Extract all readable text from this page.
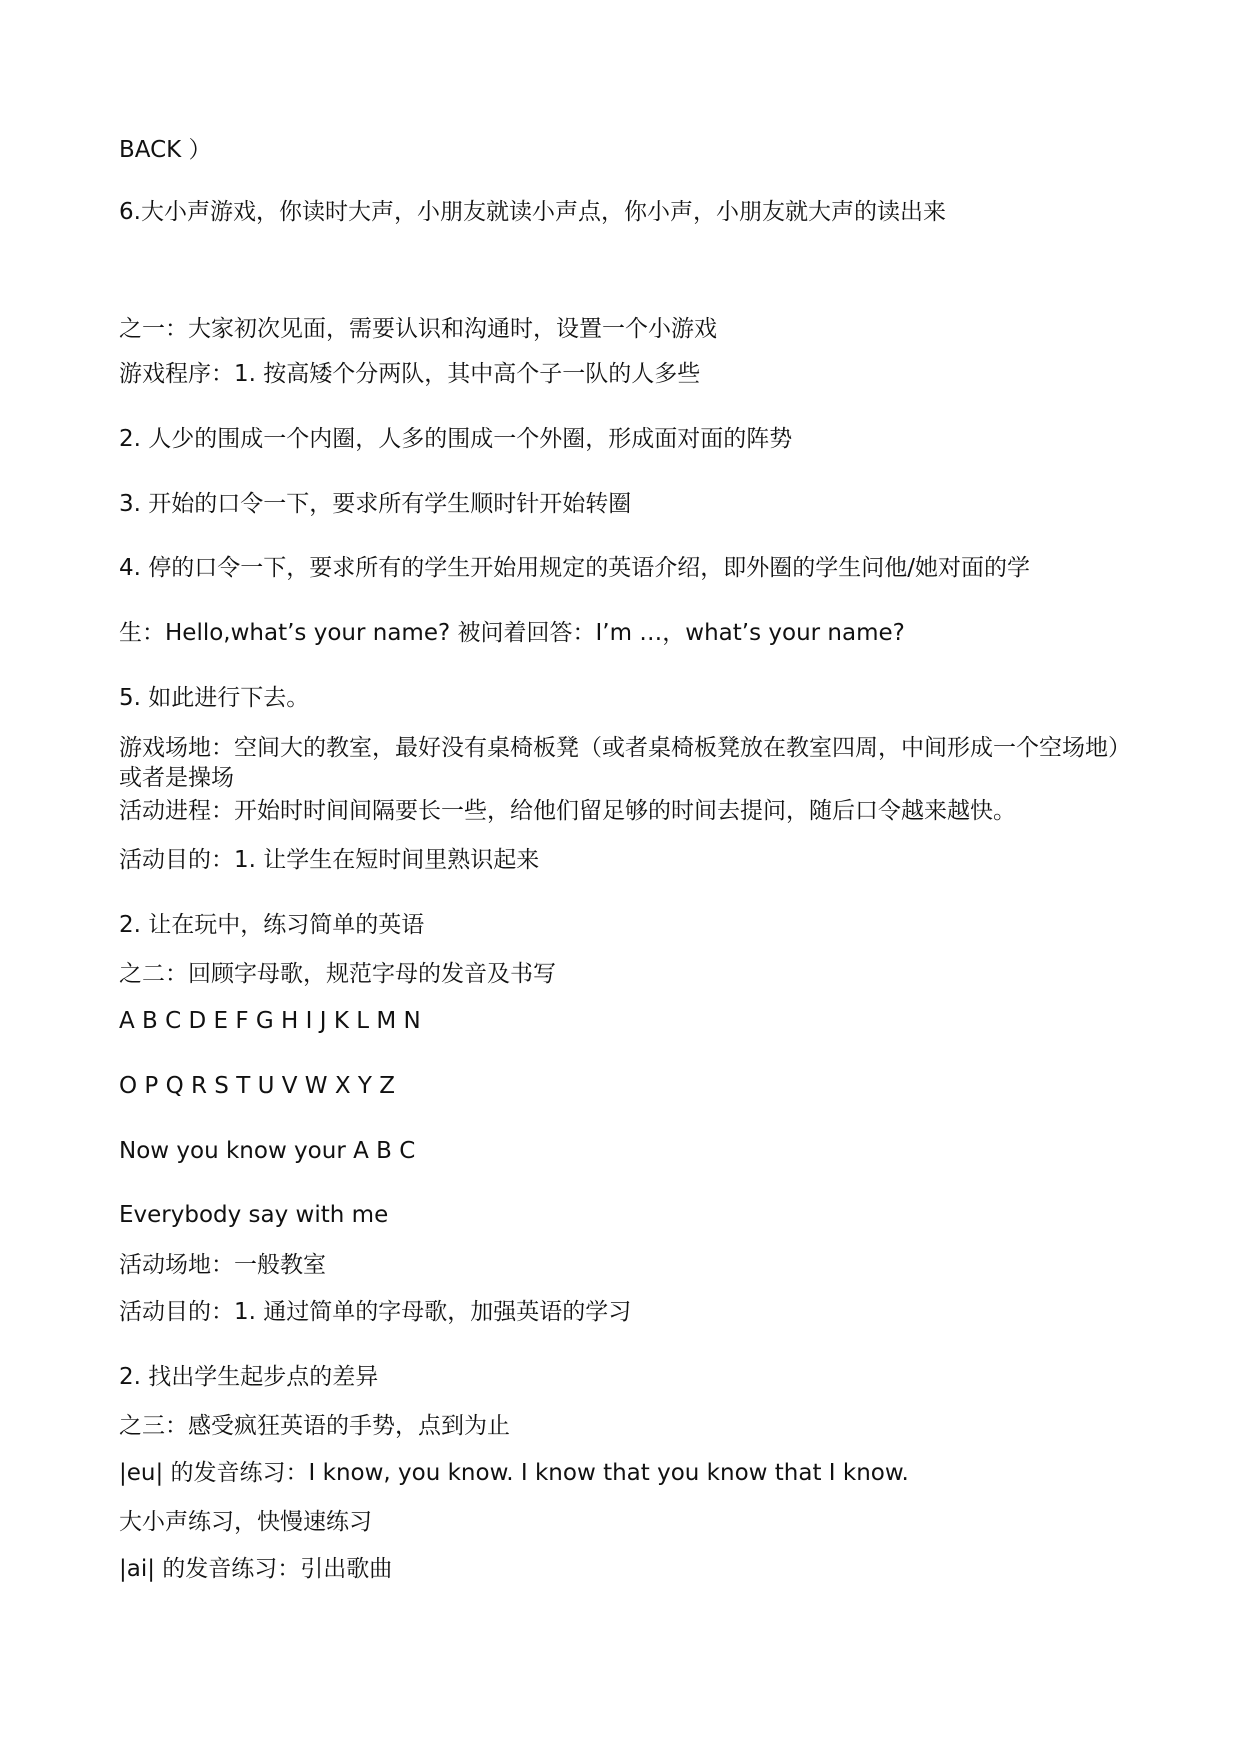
BACK ）
6.大小声游戏，你读时大声，小朋友就读小声点，你小声，小朋友就大声的读出来
之一：大家初次见面，需要认识和沟通时，设置一个小游戏
游戏程序：1. 按高矮个分两队，其中高个子一队的人多些
2. 人少的围成一个内圈，人多的围成一个外圈，形成面对面的阵势
3. 开始的口令一下，要求所有学生顺时针开始转圈
4. 停的口令一下，要求所有的学生开始用规定的英语介绍，即外圈的学生问他/她对面的学
生：Hello,what’s your name? 被问着回答：I’m …，what’s your name?
5. 如此进行下去。
游戏场地：空间大的教室，最好没有桌椅板凳（或者桌椅板凳放在教室四周，中间形成一个空场地）或者是操场
活动进程：开始时时间间隔要长一些，给他们留足够的时间去提问，随后口令越来越快。
活动目的：1. 让学生在短时间里熟识起来
2. 让在玩中，练习简单的英语
之二：回顾字母歌，规范字母的发音及书写
A B C D E F G H I J K L M N
O P Q R S T U V W X Y Z
Now you know your A B C
Everybody say with me
活动场地：一般教室
活动目的：1. 通过简单的字母歌，加强英语的学习
2. 找出学生起步点的差异
之三：感受疯狂英语的手势，点到为止
|eu| 的发音练习：I know, you know. I know that you know that I know.
大小声练习，快慢速练习
|ai| 的发音练习：引出歌曲
